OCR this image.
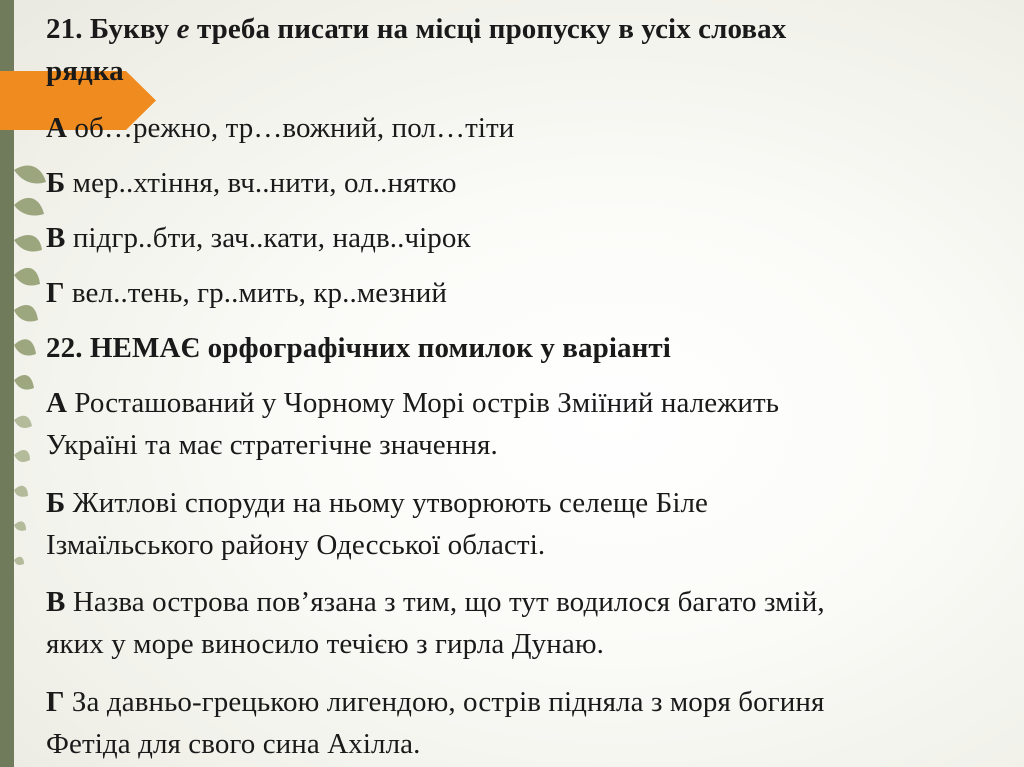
21. Букву е треба писати на місці пропуску в усіх словах
рядка
А об…режно, тр…вожний, пол…тіти
Б мер..хтіння, вч..нити, ол..нятко
В підгр..бти, зач..кати, надв..чірок
Г вел..тень, гр..мить, кр..мезний
22. НЕМАЄ орфографічних помилок у варіанті
А Росташований у Чорному Морі острів Зміїний належить
Україні та має стратегічне значення.
Б Житлові споруди на ньому утворюють селеще Біле
Ізмаїльського району Одесської області.
В Назва острова пов’язана з тим, що тут водилося багато змій,
яких у море виносило течією з гирла Дунаю.
Г За давньо-грецькою лигендою, острів підняла з моря богиня
Фетіда для свого сина Ахілла.
